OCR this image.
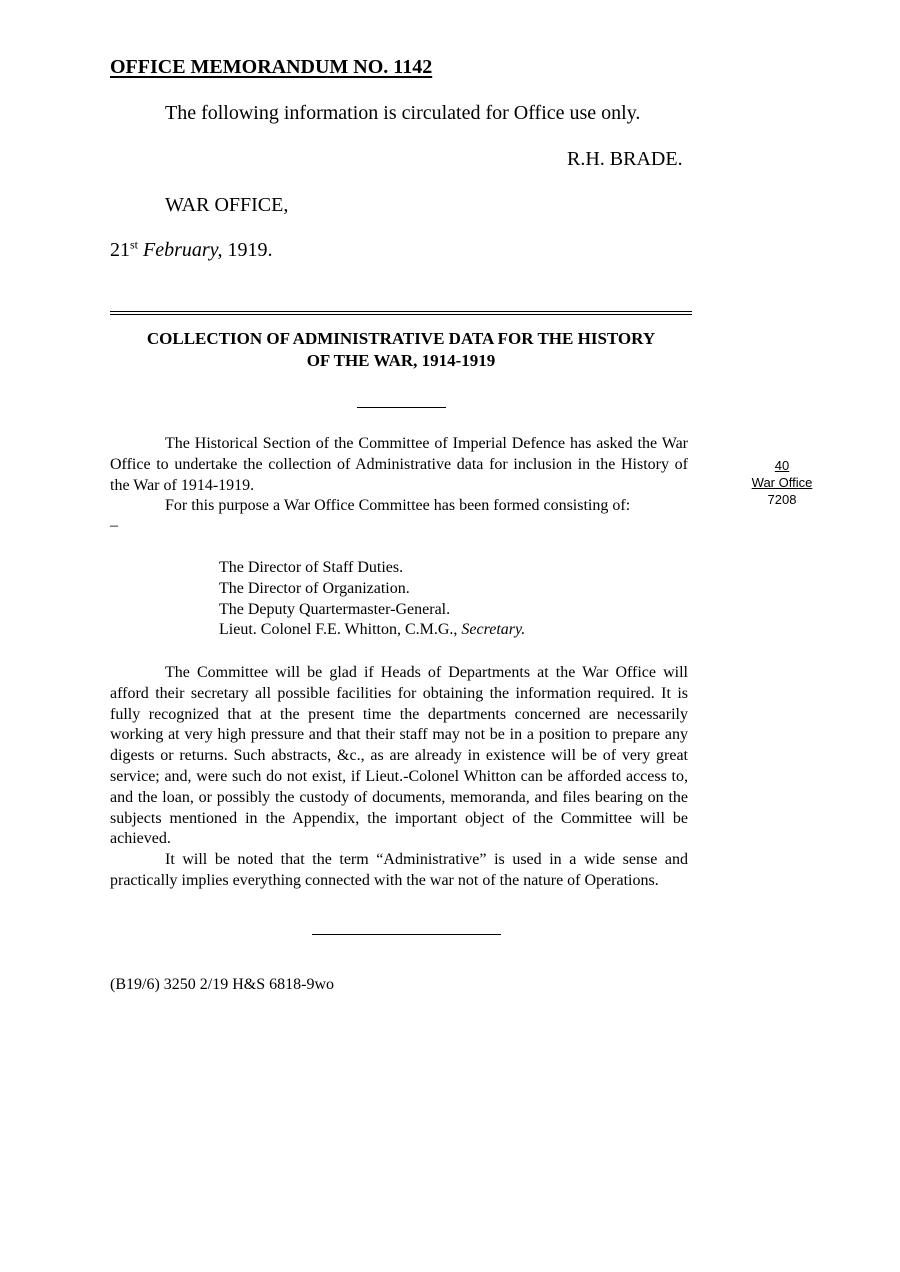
OFFICE MEMORANDUM NO. 1142
The following information is circulated for Office use only.
R.H. BRADE.
WAR OFFICE,
21st February, 1919.
COLLECTION OF ADMINISTRATIVE DATA FOR THE HISTORY
OF THE WAR, 1914-1919

The Historical Section of the Committee of Imperial Defence has asked the War Office to undertake the collection of Administrative data for inclusion in the History of the War of 1914-1919.

For this purpose a War Office Committee has been formed consisting of:

–
The Director of Staff Duties.
The Director of Organization.
The Deputy Quartermaster-General.
Lieut. Colonel F.E. Whitton, C.M.G., Secretary.

The Committee will be glad if Heads of Departments at the War Office will afford their secretary all possible facilities for obtaining the information required. It is fully recognized that at the present time the departments concerned are necessarily working at very high pressure and that their staff may not be in a position to prepare any digests or returns. Such abstracts, &c., as are already in existence will be of very great service; and, were such do not exist, if Lieut.-Colonel Whitton can be afforded access to, and the loan, or possibly the custody of documents, memoranda, and files bearing on the subjects mentioned in the Appendix, the important object of the Committee will be achieved.

It will be noted that the term “Administrative” is used in a wide sense and practically implies everything connected with the war not of the nature of Operations.

(B19/6) 3250 2/19 H&S 6818-9wo
40
War Office
7208
